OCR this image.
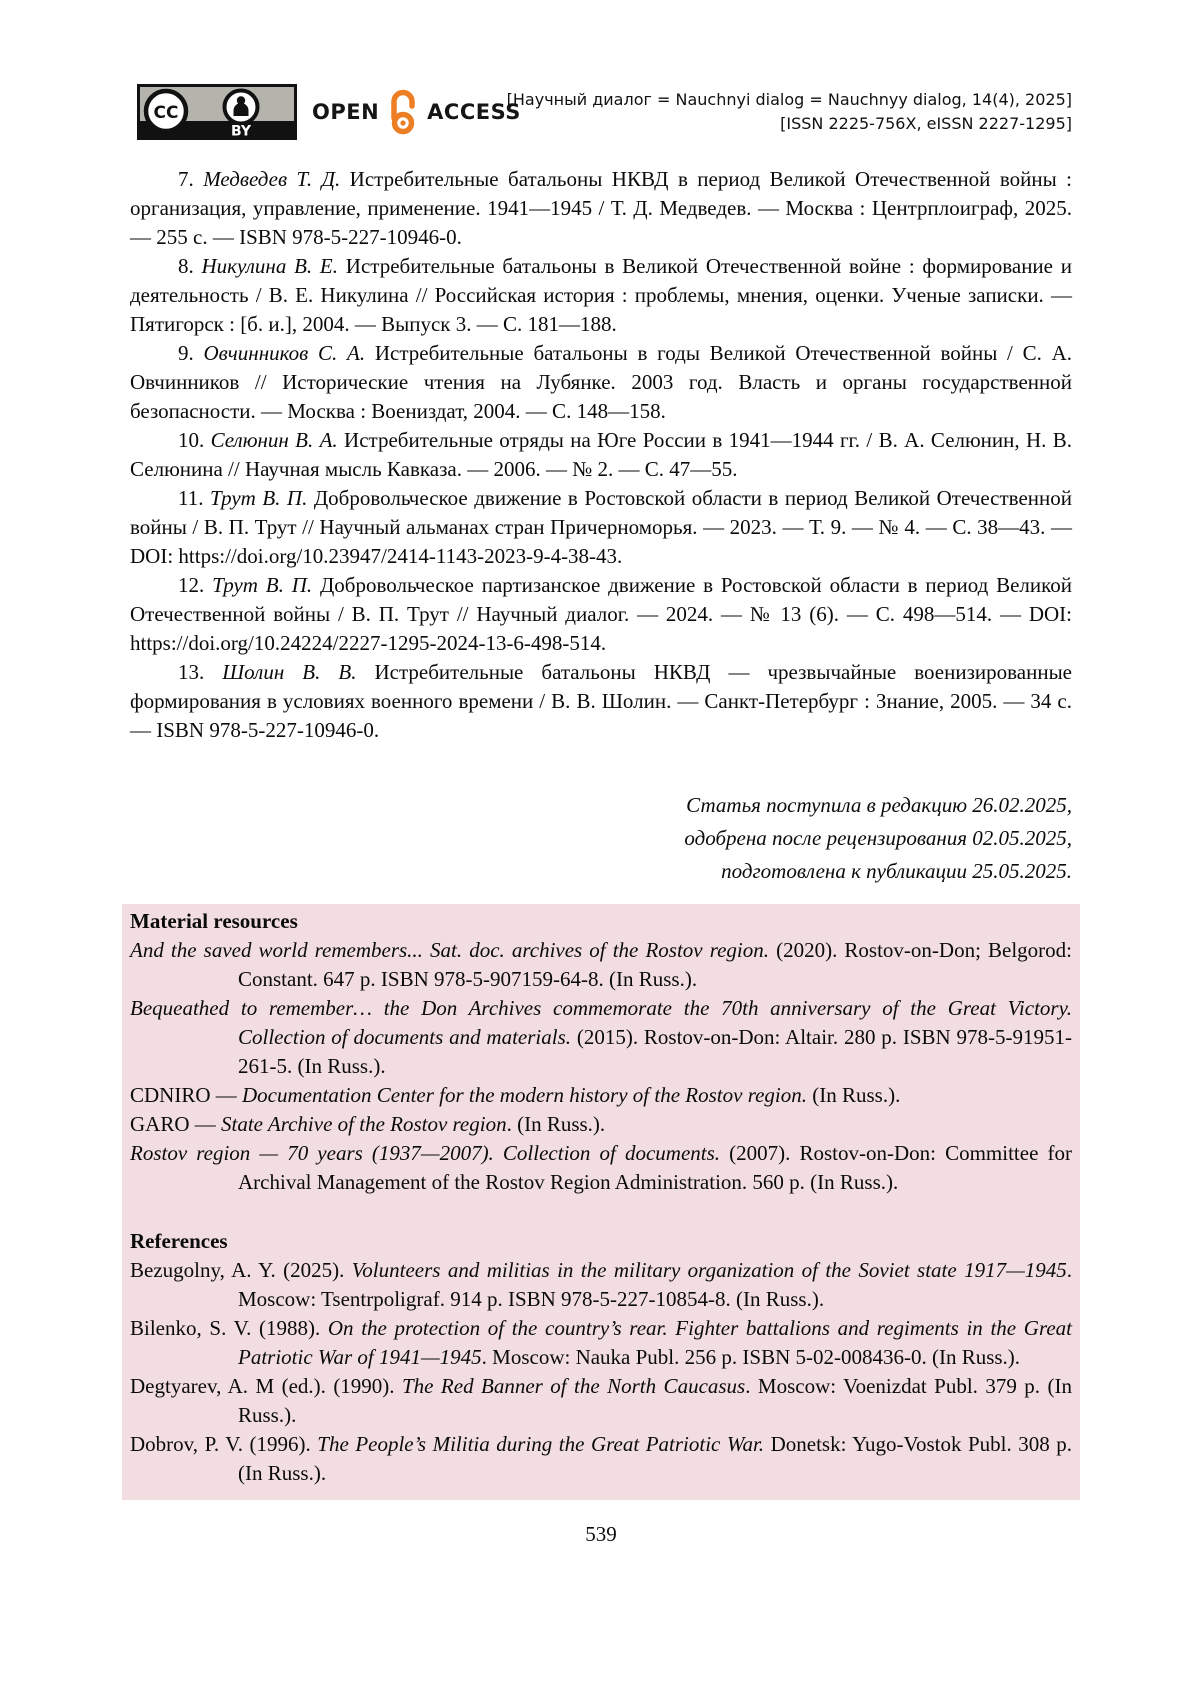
CC
BY
OPEN ACCESS
[Научный диалог = Nauchnyi dialog = Nauchnyy dialog, 14(4), 2025]
[ISSN 2225-756X, eISSN 2227-1295]

7. Медведев Т. Д. Истребительные батальоны НКВД в период Великой Отечественной войны : организация, управление, применение. 1941—1945 / Т. Д. Медведев. — Москва : Центрплоиграф, 2025. — 255 с. — ISBN 978-5-227-10946-0.

8. Никулина В. Е. Истребительные батальоны в Великой Отечественной войне : формирование и деятельность / В. Е. Никулина // Российская история : проблемы, мнения, оценки. Ученые записки. — Пятигорск : [б. и.], 2004. — Выпуск 3. — С. 181—188.

9. Овчинников С. А. Истребительные батальоны в годы Великой Отечественной войны / С. А. Овчинников // Исторические чтения на Лубянке. 2003 год. Власть и органы государственной безопасности. — Москва : Воениздат, 2004. — С. 148—158.

10. Селюнин В. А. Истребительные отряды на Юге России в 1941—1944 гг. / В. А. Селюнин, Н. В. Селюнина // Научная мысль Кавказа. — 2006. — № 2. — С. 47—55.

11. Трут В. П. Добровольческое движение в Ростовской области в период Великой Отечественной войны / В. П. Трут // Научный альманах стран Причерноморья. — 2023. — Т. 9. — № 4. — С. 38—43. — DOI: https://doi.org/10.23947/2414-1143-2023-9-4-38-43.

12. Трут В. П. Добровольческое партизанское движение в Ростовской области в период Великой Отечественной войны / В. П. Трут // Научный диалог. — 2024. — № 13 (6). — С. 498—514. — DOI: https://doi.org/10.24224/2227-1295-2024-13-6-498-514.

13. Шолин В. В. Истребительные батальоны НКВД — чрезвычайные военизированные формирования в условиях военного времени / В. В. Шолин. — Санкт-Петербург : Знание, 2005. — 34 с. — ISBN 978-5-227-10946-0.

Статья поступила в редакцию 26.02.2025,
одобрена после рецензирования 02.05.2025,
подготовлена к публикации 25.05.2025.
Material resources

And the saved world remembers... Sat. doc. archives of the Rostov region. (2020). Rostov-on-Don; Belgorod: Constant. 647 p. ISBN 978-5-907159-64-8. (In Russ.).

Bequeathed to remember… the Don Archives commemorate the 70th anniversary of the Great Victory. Collection of documents and materials. (2015). Rostov-on-Don: Altair. 280 p. ISBN 978-5-91951-261-5. (In Russ.).

CDNIRO — Documentation Center for the modern history of the Rostov region. (In Russ.).

GARO — State Archive of the Rostov region. (In Russ.).

Rostov region — 70 years (1937—2007). Collection of documents. (2007). Rostov-on-Don: Committee for Archival Management of the Rostov Region Administration. 560 p. (In Russ.).

References

Bezugolny, A. Y. (2025). Volunteers and militias in the military organization of the Soviet state 1917—1945. Moscow: Tsentrpoligraf. 914 p. ISBN 978-5-227-10854-8. (In Russ.).

Bilenko, S. V. (1988). On the protection of the country’s rear. Fighter battalions and regiments in the Great Patriotic War of 1941—1945. Moscow: Nauka Publ. 256 p. ISBN 5-02-008436-0. (In Russ.).

Degtyarev, A. M (ed.). (1990). The Red Banner of the North Caucasus. Moscow: Voenizdat Publ. 379 p. (In Russ.).

Dobrov, P. V. (1996). The People’s Militia during the Great Patriotic War. Donetsk: Yugo-Vostok Publ. 308 p. (In Russ.).

539
